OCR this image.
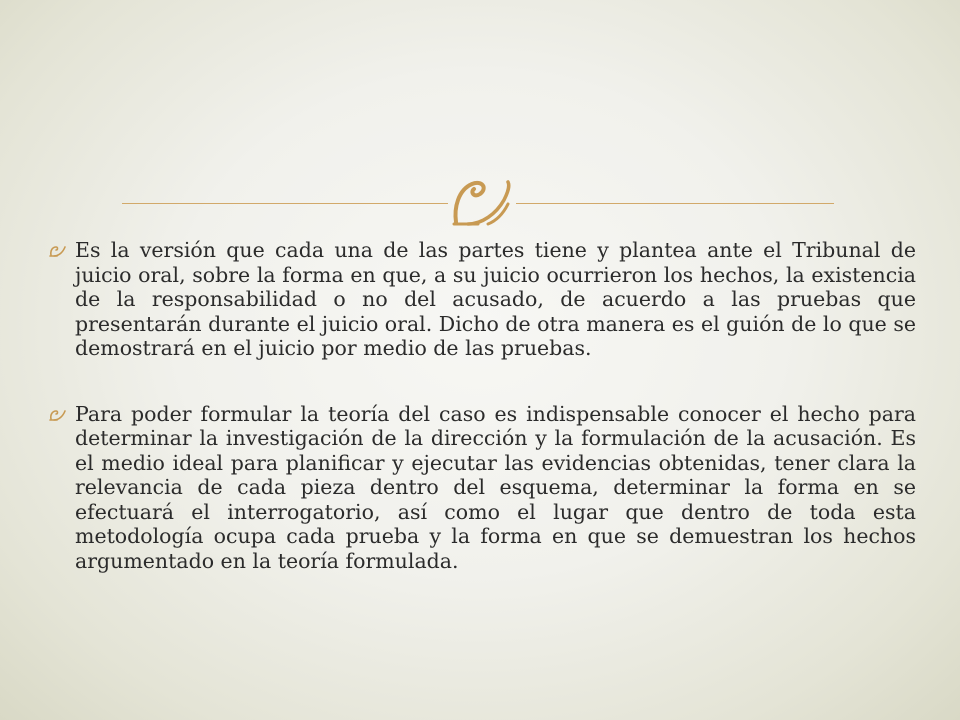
Es la versión que cada una de las partes tiene y plantea ante el Tribunal de juicio oral, sobre la forma en que, a su juicio ocurrieron los hechos, la existencia de la responsabilidad o no del acusado, de acuerdo a las pruebas que presentarán durante el juicio oral. Dicho de otra manera es el guión de lo que se demostrará en el juicio por medio de las pruebas.

Para poder formular la teoría del caso es indispensable conocer el hecho para determinar la investigación de la dirección y la formulación de la acusación. Es el medio ideal para planificar y ejecutar las evidencias obtenidas, tener clara la relevancia de cada pieza dentro del esquema, determinar la forma en se efectuará el interrogatorio, así como el lugar que dentro de toda esta metodología ocupa cada prueba y la forma en que se demuestran los hechos argumentado en la teoría formulada.
